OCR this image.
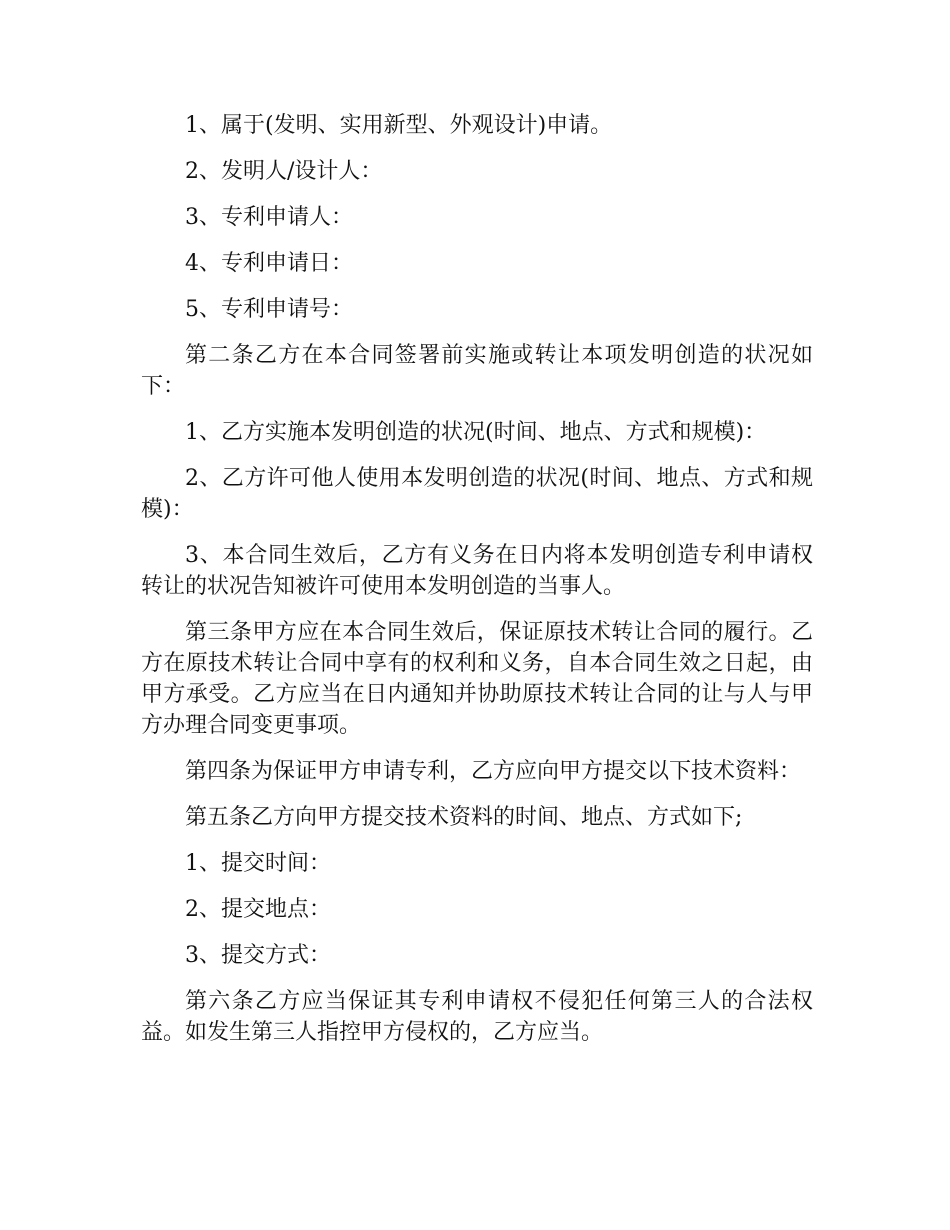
1、属于(发明、实用新型、外观设计)申请。

2、发明人/设计人：

3、专利申请人：

4、专利申请日：

5、专利申请号：

第二条乙方在本合同签署前实施或转让本项发明创造的状况如下：

1、乙方实施本发明创造的状况(时间、地点、方式和规模)：

2、乙方许可他人使用本发明创造的状况(时间、地点、方式和规模)：

3、本合同生效后，乙方有义务在日内将本发明创造专利申请权转让的状况告知被许可使用本发明创造的当事人。

第三条甲方应在本合同生效后，保证原技术转让合同的履行。乙方在原技术转让合同中享有的权利和义务，自本合同生效之日起，由甲方承受。乙方应当在日内通知并协助原技术转让合同的让与人与甲方办理合同变更事项。

第四条为保证甲方申请专利，乙方应向甲方提交以下技术资料：

第五条乙方向甲方提交技术资料的时间、地点、方式如下;

1、提交时间：

2、提交地点：

3、提交方式：

第六条乙方应当保证其专利申请权不侵犯任何第三人的合法权益。如发生第三人指控甲方侵权的，乙方应当。
